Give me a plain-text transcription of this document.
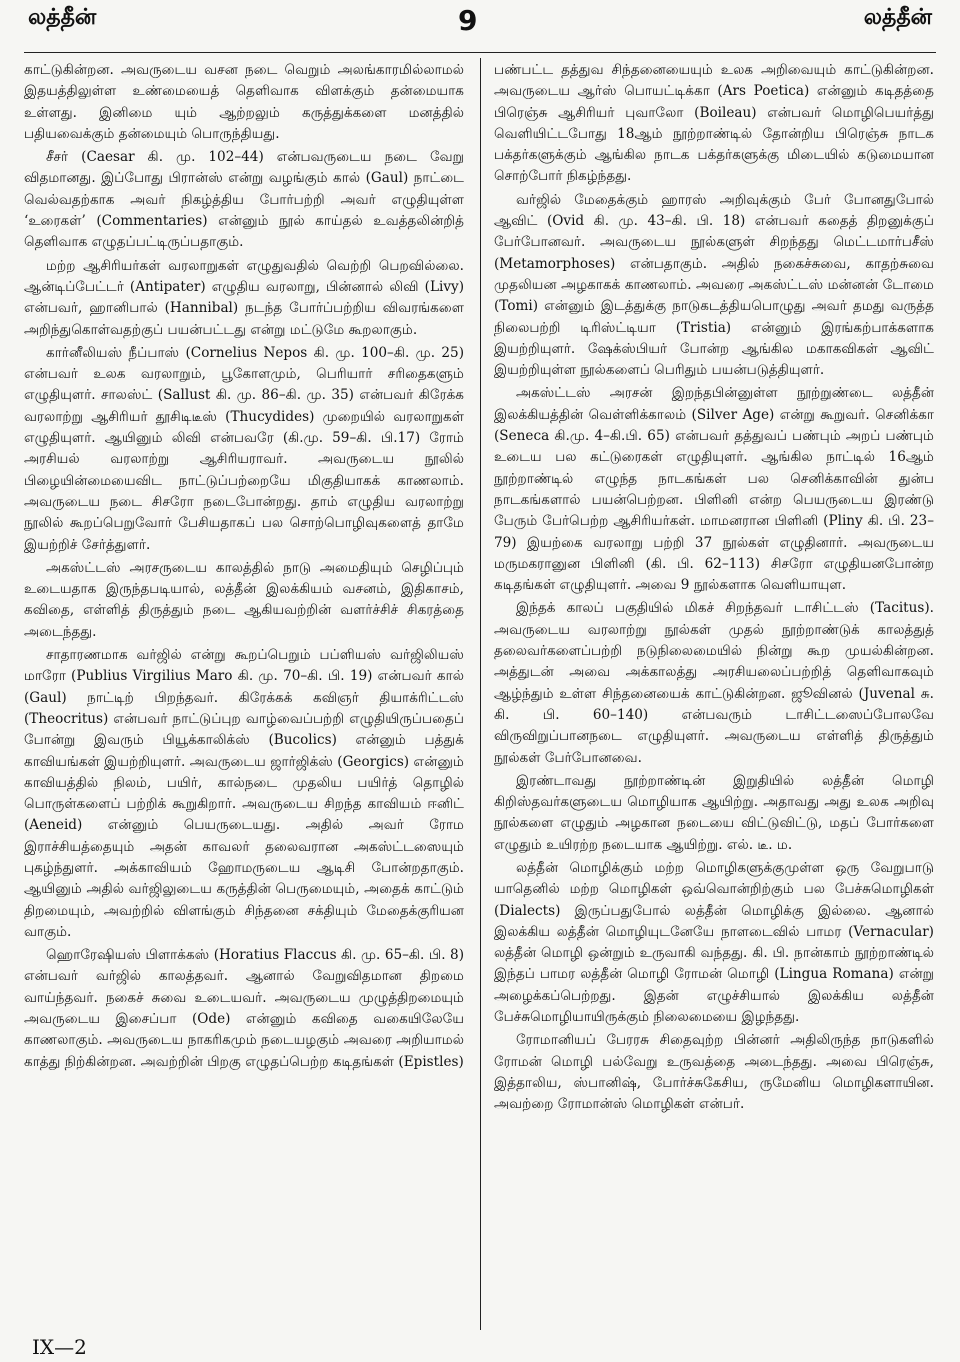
லத்தீன்	9	லத்தீன்

காட்டுகின்றன. அவருடைய வசன நடை வெறும் அலங்காரமில்லாமல் இதயத்திலுள்ள உண்மையைத் தெளிவாக விளக்கும் தன்மையாக உள்ளது. இனிமை யும் ஆற்றலும் கருத்துக்களை மனத்தில் பதியவைக்கும் தன்மையும் பொருந்தியது.

சீசர் (Caesar கி. மு. 102–44) என்பவருடைய நடை வேறு விதமானது. இப்போது பிரான்ஸ் என்று வழங்கும் கால் (Gaul) நாட்டை வெல்வதற்காக அவர் நிகழ்த்திய போர்பற்றி அவர் எழுதியுள்ள ‘உரைகள்’ (Commentaries) என்னும் நூல் காய்தல் உவத்தலின்றித் தெளிவாக எழுதப்பட்டிருப்பதாகும்.

மற்ற ஆசிரியர்கள் வரலாறுகள் எழுதுவதில் வெற்றி பெறவில்லை. ஆன்டிப்பேட்டர் (Antipater) எழுதிய வரலாறு, பின்னால் லிவி (Livy) என்பவர், ஹானிபால் (Hannibal) நடந்த போர்ப்பற்றிய விவரங்களை அறிந்துகொள்வதற்குப் பயன்பட்டது என்று மட்டுமே கூறலாகும்.

கார்னீலியஸ் நீப்பாஸ் (Cornelius Nepos கி. மு. 100–கி. மு. 25) என்பவர் உலக வரலாறும், பூகோளமும், பெரியார் சரிதைகளும் எழுதியுளர். சாலஸ்ட் (Sallust கி. மு. 86–கி. மு. 35) என்பவர் கிரேக்க வரலாற்று ஆசிரியர் தூசிடிடீஸ் (Thucydides) முறையில் வரலாறுகள் எழுதியுளர். ஆயினும் லிவி என்பவரே (கி.மு. 59–கி. பி.17) ரோம் அரசியல் வரலாற்று ஆசிரியராவர். அவருடைய நூலில் பிழையின்மையைவிட நாட்டுப்பற்றையே மிகுதியாகக் காணலாம். அவருடைய நடை சிசரோ நடைபோன்றது. தாம் எழுதிய வரலாற்று நூலில் கூறப்பெறுவோர் பேசியதாகப் பல சொற்பொழிவுகளைத் தாமே இயற்றிச் சேர்த்துளர்.

அகஸ்ட்டஸ் அரசருடைய காலத்தில் நாடு அமைதியும் செழிப்பும் உடையதாக இருந்தபடியால், லத்தீன் இலக்கியம் வசனம், இதிகாசம், கவிதை, எள்ளித் திருத்தும் நடை ஆகியவற்றின் வளர்ச்சிச் சிகரத்தை அடைந்தது.

சாதாரணமாக வர்ஜில் என்று கூறப்பெறும் பப்ளியஸ் வர்ஜிலியஸ் மாரோ (Publius Virgilius Maro கி. மு. 70–கி. பி. 19) என்பவர் கால் (Gaul) நாட்டிற் பிறந்தவர். கிரேக்கக் கவிஞர் தியாக்ரிட்டஸ் (Theocritus) என்பவர் நாட்டுப்புற வாழ்வைப்பற்றி எழுதியிருப்பதைப் போன்று இவரும் பியூக்காலிக்ஸ் (Bucolics) என்னும் பத்துக் காவியங்கள் இயற்றியுளர். அவருடைய ஜார்ஜிக்ஸ் (Georgics) என்னும் காவியத்தில் நிலம், பயிர், கால்நடை முதலிய பயிர்த் தொழில் பொருள்களைப் பற்றிக் கூறுகிறார். அவருடைய சிறந்த காவியம் ஈனிட் (Aeneid) என்னும் பெயருடையது. அதில் அவர் ரோம இராச்சியத்தையும் அதன் காவலர் தலைவரான அகஸ்ட்டஸையும் புகழ்ந்துளர். அக்காவியம் ஹோமருடைய ஆடிசி போன்றதாகும். ஆயினும் அதில் வர்ஜிலுடைய கருத்தின் பெருமையும், அதைக் காட்டும் திறமையும், அவற்றில் விளங்கும் சிந்தனை சக்தியும் மேதைக்குரியன வாகும்.

ஹொரேஷியஸ் பிளாக்கஸ் (Horatius Flaccus கி. மு. 65–கி. பி. 8) என்பவர் வர்ஜில் காலத்தவர். ஆனால் வேறுவிதமான திறமை வாய்ந்தவர். நகைச் சுவை உடையவர். அவருடைய முழுத்திறமையும் அவருடைய இசைப்பா (Ode) என்னும் கவிதை வகையிலேயே காணலாகும். அவருடைய நாகரிகமும் நடையழகும் அவரை அறியாமல் காத்து நிற்கின்றன. அவற்றின் பிறகு எழுதப்பெற்ற கடிதங்கள் (Epistles)

பண்பட்ட தத்துவ சிந்தனையையும் உலக அறிவையும் காட்டுகின்றன. அவருடைய ஆர்ஸ் பொயட்டிக்கா (Ars Poetica) என்னும் கடிதத்தை பிரெஞ்சு ஆசிரியர் புவாலோ (Boileau) என்பவர் மொழிபெயர்த்து வெளியிட்டபோது 18ஆம் நூற்றாண்டில் தோன்றிய பிரெஞ்சு நாடக பக்தர்களுக்கும் ஆங்கில நாடக பக்தர்களுக்கு மிடையில் கடுமையான சொற்போர் நிகழ்ந்தது.

வர்ஜில் மேதைக்கும் ஹாரஸ் அறிவுக்கும் பேர் போனதுபோல் ஆவிட் (Ovid கி. மு. 43–கி. பி. 18) என்பவர் கதைத் திறனுக்குப் பேர்போனவர். அவருடைய நூல்களுள் சிறந்தது மெட்டமார்பசீஸ் (Metamorphoses) என்பதாகும். அதில் நகைச்சுவை, காதற்சுவை முதலியன அழகாகக் காணலாம். அவரை அகஸ்ட்டஸ் மன்னன் டோமை (Tomi) என்னும் இடத்துக்கு நாடுகடத்தியபொழுது அவர் தமது வருத்த நிலைபற்றி டிரிஸ்ட்டியா (Tristia) என்னும் இரங்கற்பாக்களாக இயற்றியுளர். ஷேக்ஸ்பியர் போன்ற ஆங்கில மகாகவிகள் ஆவிட் இயற்றியுள்ள நூல்களைப் பெரிதும் பயன்படுத்தியுளர்.

அகஸ்ட்டஸ் அரசன் இறந்தபின்னுள்ள நூற்றுண்டை லத்தீன் இலக்கியத்தின் வெள்ளிக்காலம் (Silver Age) என்று கூறுவர். செனிக்கா (Seneca கி.மு. 4–கி.பி. 65) என்பவர் தத்துவப் பண்பும் அறப் பண்பும் உடைய பல கட்டுரைகள் எழுதியுளர். ஆங்கில நாட்டில் 16ஆம் நூற்றாண்டில் எழுந்த நாடகங்கள் பல செனிக்காவின் துன்ப நாடகங்களால் பயன்பெற்றன. பிளினி என்ற பெயருடைய இரண்டு பேரும் பேர்பெற்ற ஆசிரியர்கள். மாமனரான பிளினி (Pliny கி. பி. 23–79) இயற்கை வரலாறு பற்றி 37 நூல்கள் எழுதினார். அவருடைய மருமகரானுன பிளினி (கி. பி. 62–113) சிசரோ எழுதியனபோன்ற கடிதங்கள் எழுதியுளர். அவை 9 நூல்களாக வெளியாயுள.

இந்தக் காலப் பகுதியில் மிகச் சிறந்தவர் டாசிட்டஸ் (Tacitus). அவருடைய வரலாற்று நூல்கள் முதல் நூற்றாண்டுக் காலத்துத் தலைவர்களைப்பற்றி நடுநிலைமையில் நின்று கூற முயல்கின்றன. அத்துடன் அவை அக்காலத்து அரசியலைப்பற்றித் தெளிவாகவும் ஆழ்ந்தும் உள்ள சிந்தனையைக் காட்டுகின்றன. ஜூவினல் (Juvenal சு. கி. பி. 60–140) என்பவரும் டாசிட்டஸைப்போலவே விருவிறுப்பானநடை எழுதியுளர். அவருடைய எள்ளித் திருத்தும் நூல்கள் பேர்போனவை.

இரண்டாவது நூற்றாண்டின் இறுதியில் லத்தீன் மொழி கிறிஸ்தவர்களுடைய மொழியாக ஆயிற்று. அதாவது அது உலக அறிவு நூல்களை எழுதும் அழகான நடையை விட்டுவிட்டு, மதப் போர்களை எழுதும் உயிரற்ற நடையாக ஆயிற்று. எல். டீ. ம.

லத்தீன் மொழிக்கும் மற்ற மொழிகளுக்குமுள்ள ஒரு வேறுபாடு யாதெனில் மற்ற மொழிகள் ஒவ்வொன்றிற்கும் பல பேச்சுமொழிகள் (Dialects) இருப்பதுபோல் லத்தீன் மொழிக்கு இல்லை. ஆனால் இலக்கிய லத்தீன் மொழியுடனேயே நாளடைவில் பாமர (Vernacular) லத்தீன் மொழி ஒன்றும் உருவாகி வந்தது. கி. பி. நான்காம் நூற்றாண்டில் இந்தப் பாமர லத்தீன் மொழி ரோமன் மொழி (Lingua Romana) என்று அழைக்கப்பெற்றது. இதன் எழுச்சியால் இலக்கிய லத்தீன் பேச்சுமொழியாயிருக்கும் நிலைமையை இழந்தது.

ரோமானியப் பேரரசு சிதைவுற்ற பின்னர் அதிலிருந்த நாடுகளில் ரோமன் மொழி பல்வேறு உருவத்தை அடைந்தது. அவை பிரெஞ்சு, இத்தாலிய, ஸ்பானிஷ், போர்ச்சுகேசிய, ருமேனிய மொழிகளாயின. அவற்றை ரோமான்ஸ் மொழிகள் என்பர்.

IX—2
